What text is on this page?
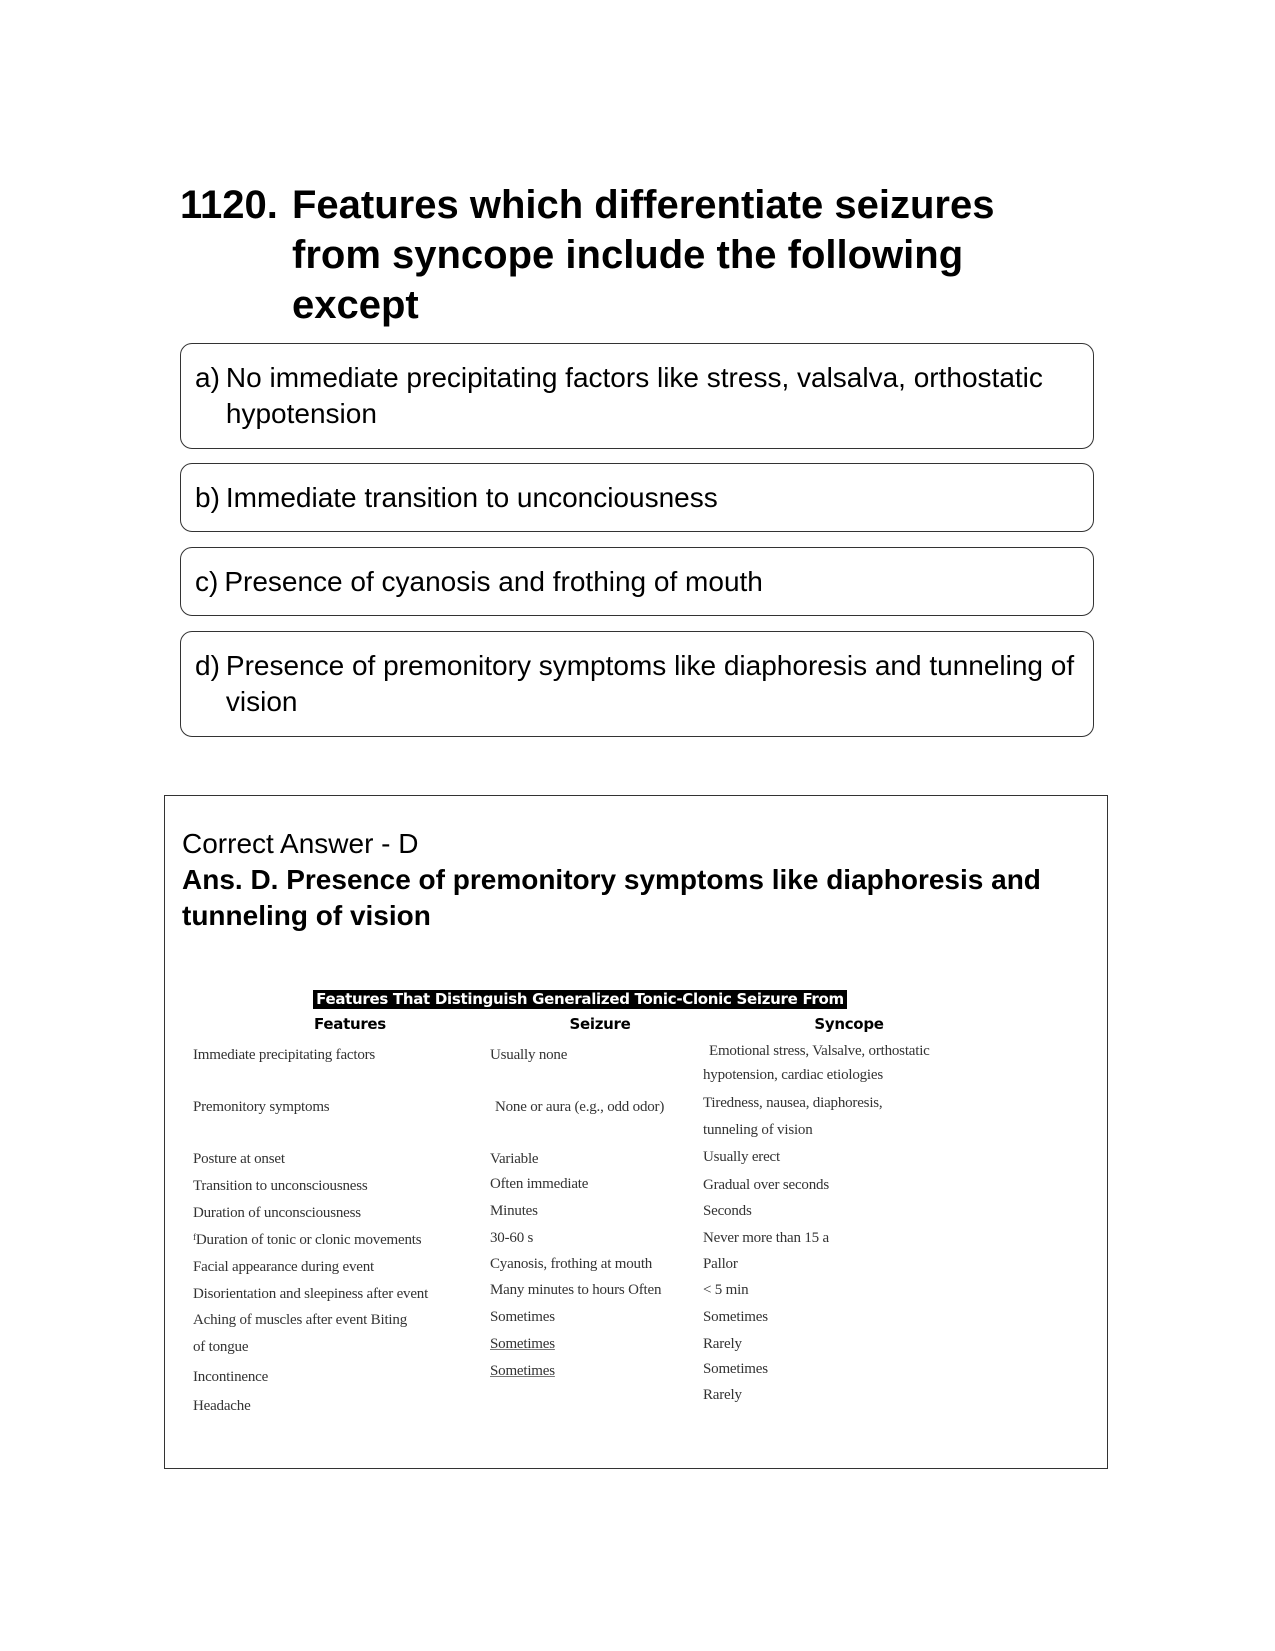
1120. Features which differentiate seizures from syncope include the following except
a) No immediate precipitating factors like stress, valsalva, orthostatic hypotension
b) Immediate transition to unconciousness
c) Presence of cyanosis and frothing of mouth
d) Presence of premonitory symptoms like diaphoresis and tunneling of vision
Correct Answer - D
Ans. D. Presence of premonitory symptoms like diaphoresis and tunneling of vision
Features That Distinguish Generalized Tonic-Clonic Seizure From
Features	Seizure	Syncope
Immediate precipitating factors
Premonitory symptoms
Posture at onset
Transition to unconsciousness
Duration of unconsciousness
ᶠDuration of tonic or clonic movements
Facial appearance during event
Disorientation and sleepiness after event
Aching of muscles after event Biting
of tongue
Incontinence
Headache
Usually none
None or aura (e.g., odd odor)
Variable
Often immediate
Minutes
30-60 s
Cyanosis, frothing at mouth
Many minutes to hours Often
Sometimes
Sometimes
Sometimes
Emotional stress, Valsalve, orthostatic
hypotension, cardiac etiologies
Tiredness, nausea, diaphoresis,
tunneling of vision
Usually erect
Gradual over seconds
Seconds
Never more than 15 a
Pallor
< 5 min
Sometimes
Rarely
Sometimes
Rarely
